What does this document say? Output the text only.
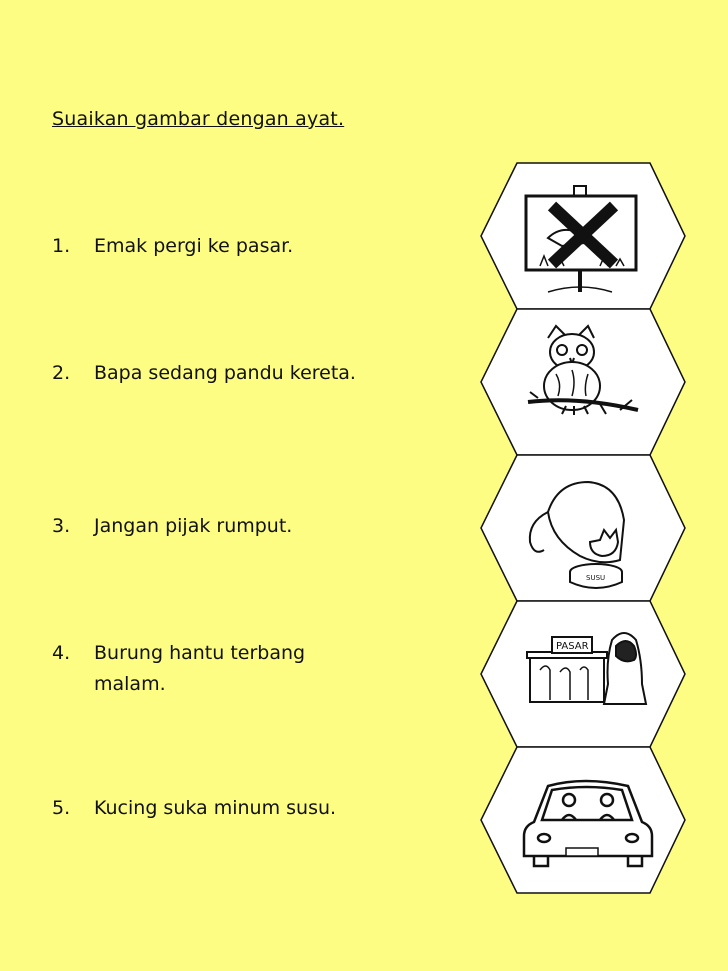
Suaikan gambar dengan ayat.
1.	Emak pergi ke pasar.
2.	Bapa sedang pandu kereta.
3.	Jangan pijak rumput.
4.	Burung hantu terbang malam.
5.	Kucing suka minum susu.
SUSU
PASAR
